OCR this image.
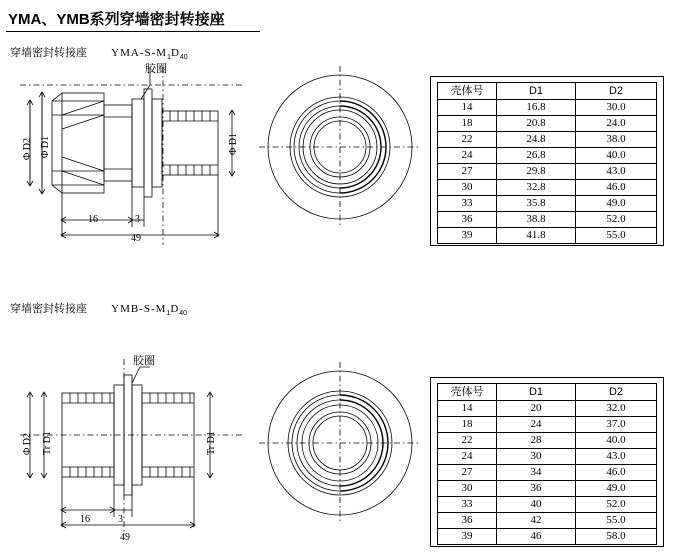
YMA、YMB系列穿墙密封转接座
穿墙密封转接座 YMA-$S-M_1D_{40}$
胶圈
Φ D2 Φ D1	Φ D1
16	3
49
壳体号	D1	D2
14	16.8	30.0
18	20.8	24.0
22	24.8	38.0
24	26.8	40.0
27	29.8	43.0
30	32.8	46.0
33	35.8	49.0
36	38.8	52.0
39	41.8	55.0
穿墙密封转接座 YMB-$S-M_1D_{40}$
胶圈
Φ D2 Tr D1	Tr D1
16	3
49
壳体号	D1	D2
14	20	32.0
18	24	37.0
22	28	40.0
24	30	43.0
27	34	46.0
30	36	49.0
33	40	52.0
36	42	55.0
39	46	58.0
